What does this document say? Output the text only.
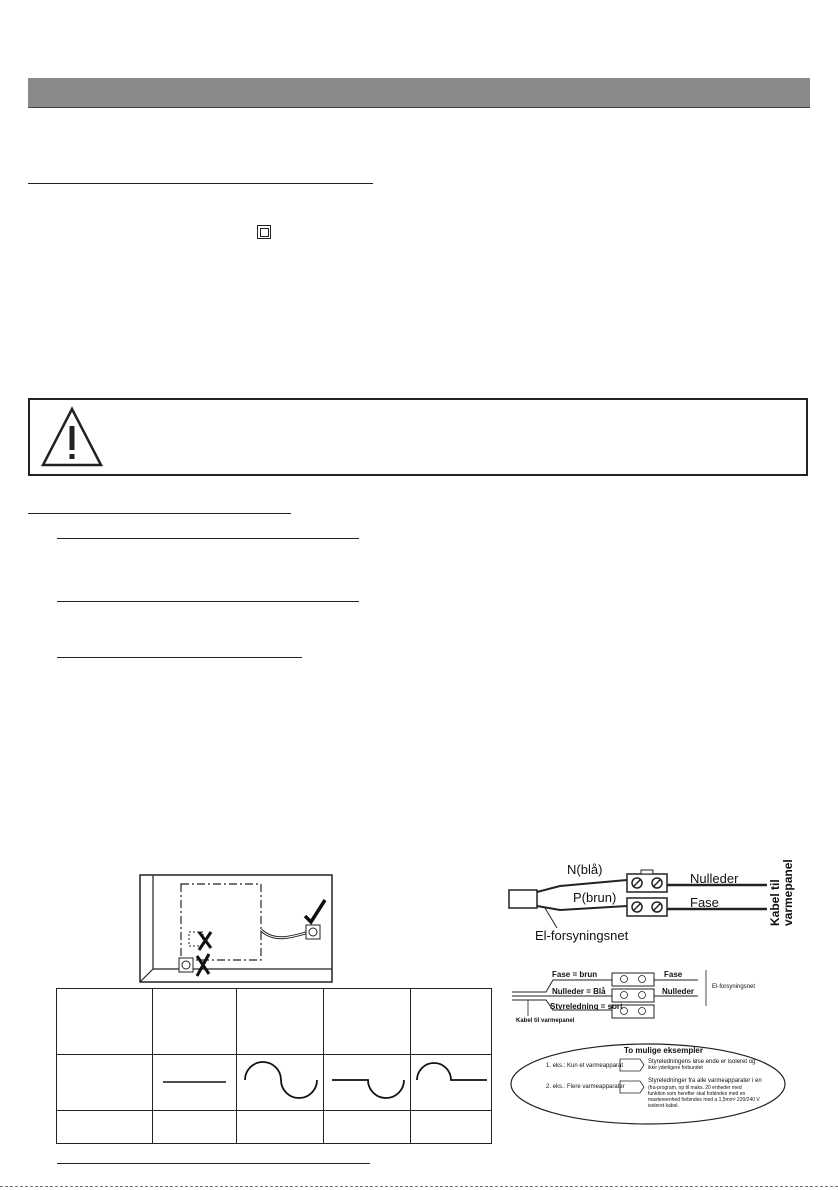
N(blå)
P(brun)
Nulleder
Fase
El-forsyningsnet
Kabel til varmepanel
Fase = brun
Nulleder = Blå
Styreledning = sort
Fase
Nulleder	El-forsyningsnet
Kabel til varmepanel
To mulige eksempler
1. eks.: Kun et varmeapparat
Styreledningens løse ende er isoleret og
ikke yderligere forbundet
2. eks.: Flere varmeapparater
Styreledninger fra alle varmeapparater i en
(fra-program, op til maks. 20 enheder med
funktion som herefter skal forbindes med en
mastereenhed forbindes med a 1,5mm² 220/240 V
isoleret kabel.
